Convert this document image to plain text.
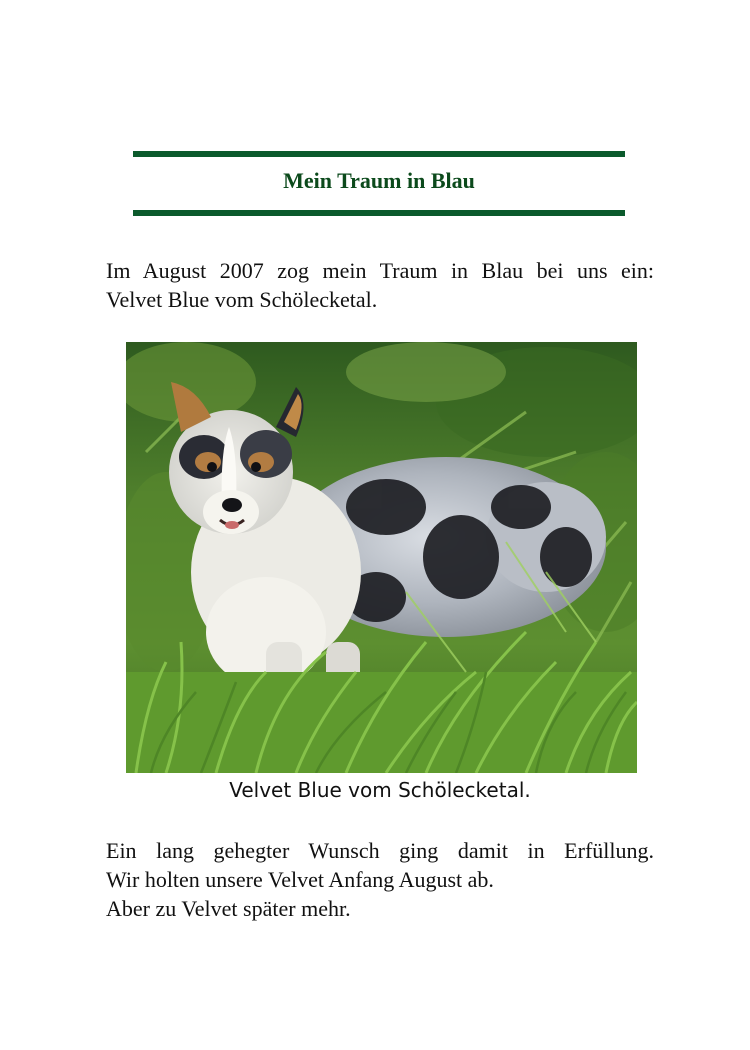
Mein Traum in Blau

Im August 2007 zog mein Traum in Blau bei uns ein:

Velvet Blue vom Schölecketal.

Velvet Blue vom Schölecketal.

Ein lang gehegter Wunsch ging damit in Erfüllung.

Wir holten unsere Velvet Anfang August ab.

Aber zu Velvet später mehr.
